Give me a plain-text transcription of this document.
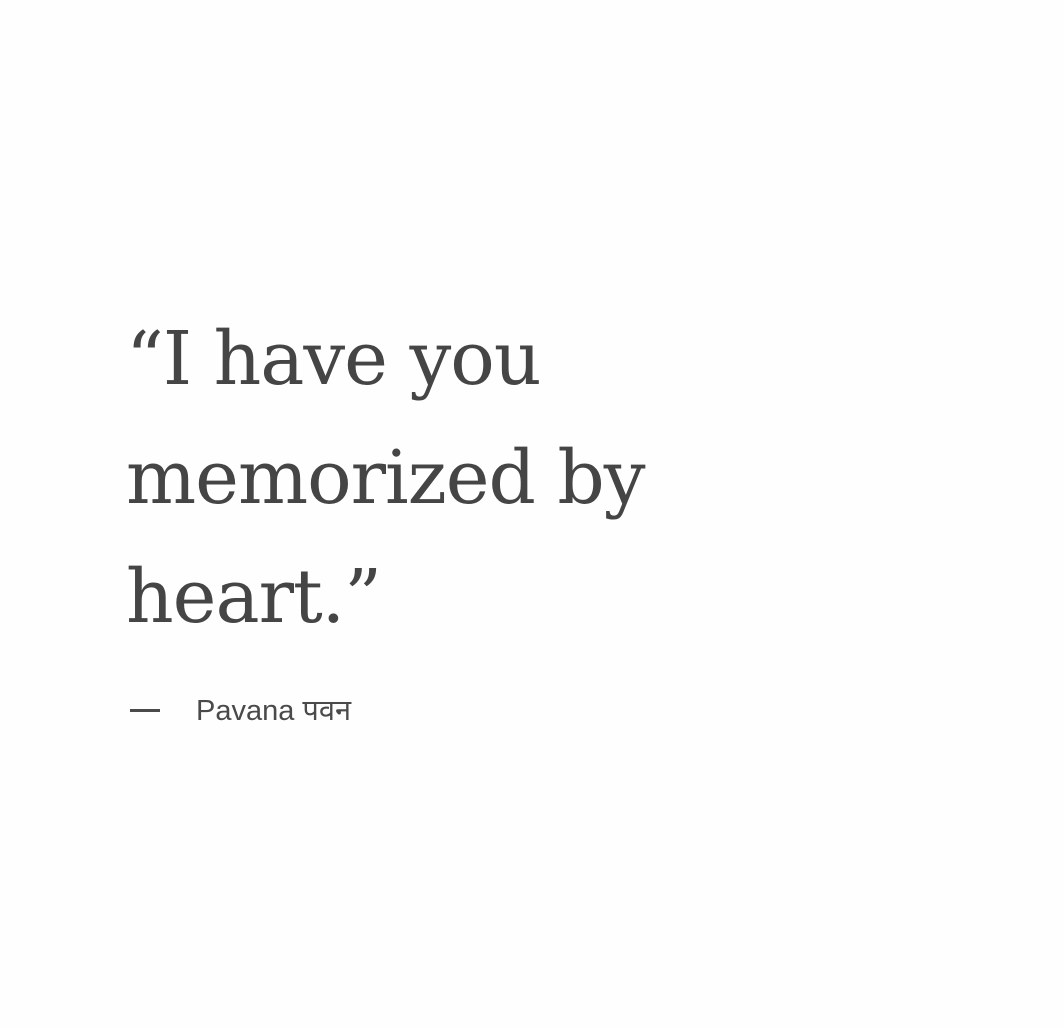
“I have you
memorized by
heart.”

Pavana पवन
